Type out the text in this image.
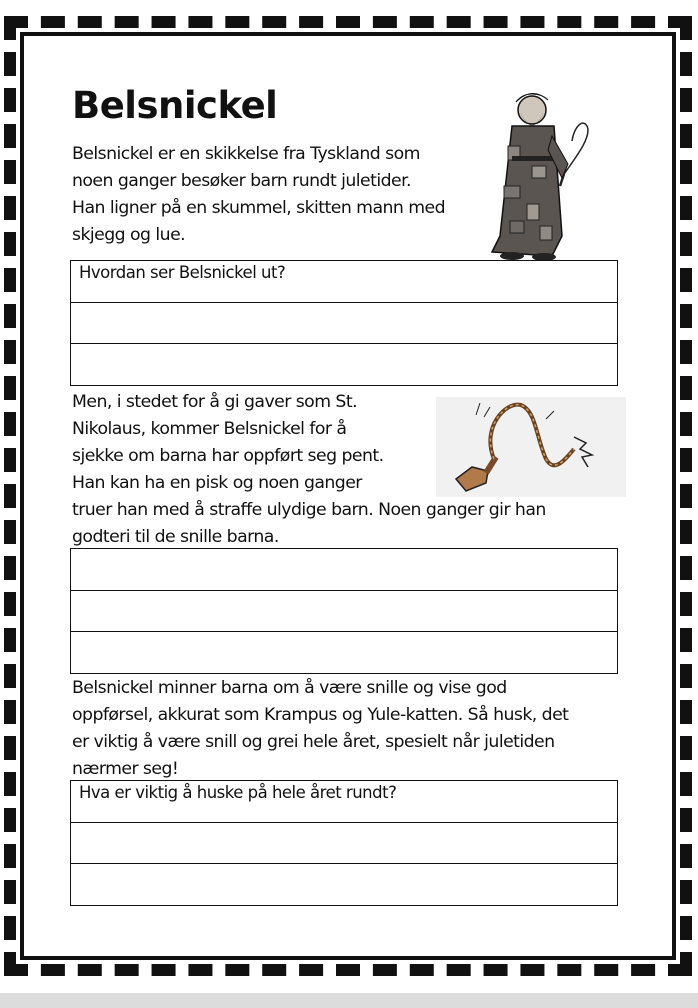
Belsnickel
Belsnickel er en skikkelse fra Tyskland som
noen ganger besøker barn rundt juletider.
Han ligner på en skummel, skitten mann med
skjegg og lue.
Hvordan ser Belsnickel ut?
Men, i stedet for å gi gaver som St.
Nikolaus, kommer Belsnickel for å
sjekke om barna har oppført seg pent.
Han kan ha en pisk og noen ganger
truer han med å straffe ulydige barn. Noen ganger gir han
godteri til de snille barna.
Belsnickel minner barna om å være snille og vise god
oppførsel, akkurat som Krampus og Yule-katten. Så husk, det
er viktig å være snill og grei hele året, spesielt når juletiden
nærmer seg!
Hva er viktig å huske på hele året rundt?
